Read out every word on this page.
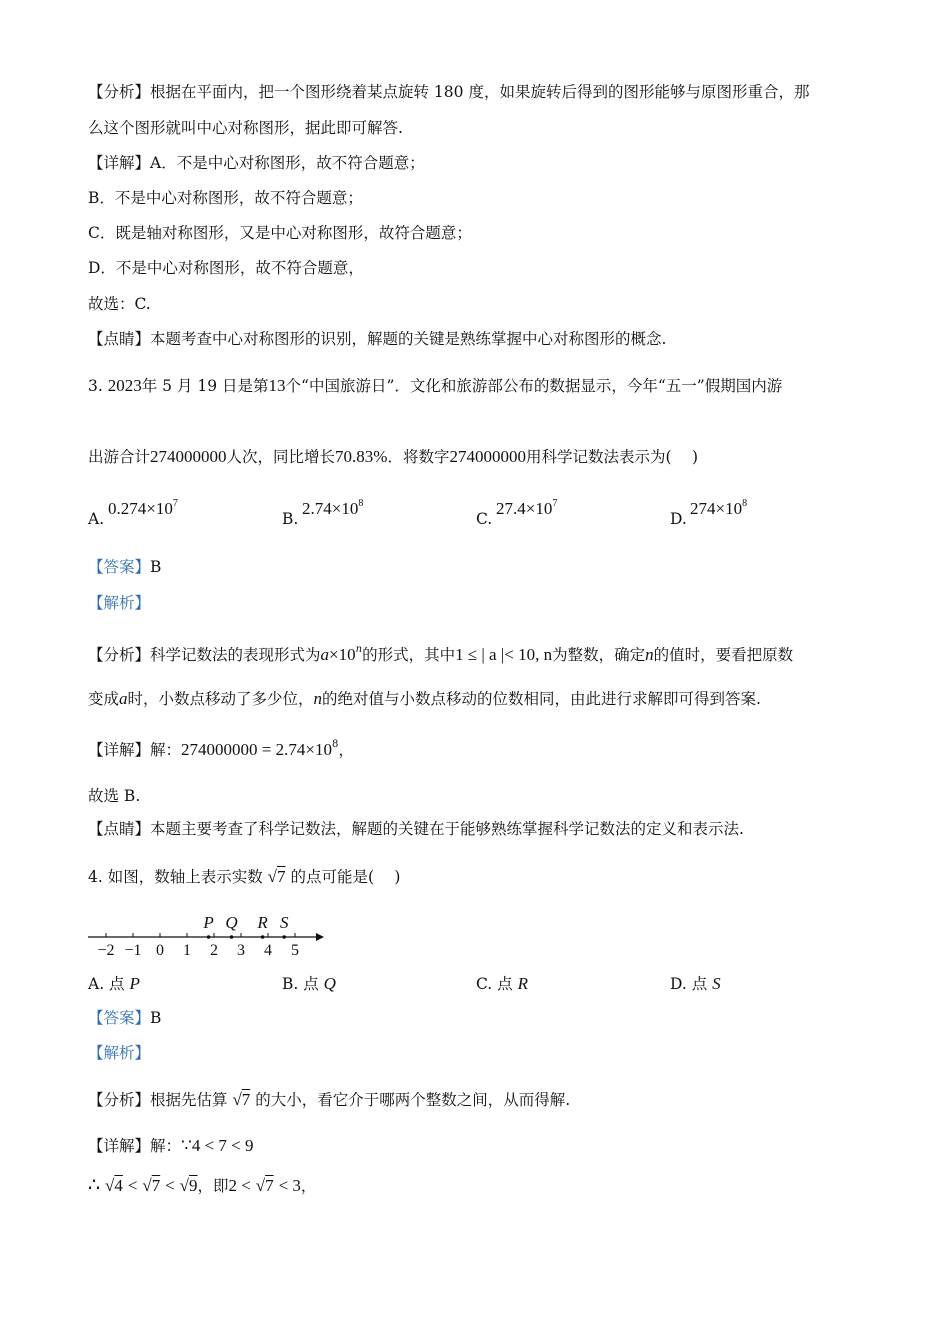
【分析】根据在平面内，把一个图形绕着某点旋转 180 度，如果旋转后得到的图形能够与原图形重合，那
么这个图形就叫中心对称图形，据此即可解答.
【详解】A．不是中心对称图形，故不符合题意；
B．不是中心对称图形，故不符合题意；
C．既是轴对称图形，又是中心对称图形，故符合题意；
D．不是中心对称图形，故不符合题意，
故选：C.
【点睛】本题考查中心对称图形的识别，解题的关键是熟练掌握中心对称图形的概念.
3. 2023年 5 月 19 日是第13个“中国旅游日”．文化和旅游部公布的数据显示，今年“五一”假期国内游
出游合计274000000人次，同比增长70.83%．将数字274000000用科学记数法表示为(　 )
A.
$0.274\times 10^7$
B.
$2.74\times 10^8$
C.
$27.4\times 10^7$
D.
$274\times 10^8$
【答案】B
【解析】
【分析】科学记数法的表现形式为$a\times 10^n$的形式，其中1 ≤ | a |< 10, n为整数，确定n的值时，要看把原数
变成a时，小数点移动了多少位，n的绝对值与小数点移动的位数相同，由此进行求解即可得到答案.
【详解】解：$274000000 = 2.74\times 10^8$，
故选 B.
【点睛】本题主要考查了科学记数法，解题的关键在于能够熟练掌握科学记数法的定义和表示法.
4. 如图，数轴上表示实数 √7 的点可能是(　 )
−2 −1 0 1 2 3 4 5
P Q R S
A. 点 P	B. 点 Q	C. 点 R	D. 点 S
【答案】B
【解析】
【分析】根据先估算 √7 的大小，看它介于哪两个整数之间，从而得解.
【详解】解：∵4 < 7 < 9
∴ √4 < √7 < √9，即2 < √7 < 3，
